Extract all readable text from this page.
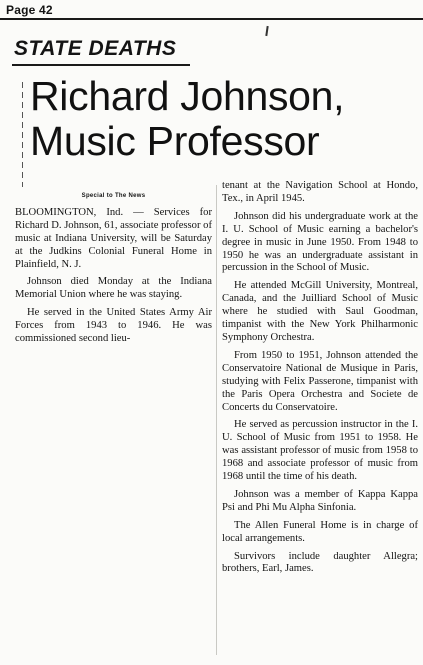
Page 42
STATE DEATHS
Richard Johnson,
Music Professor
Special to The News

BLOOMINGTON, Ind. — Services for Richard D. Johnson, 61, associate professor of music at Indiana University, will be Saturday at the Judkins Colonial Funeral Home in Plainfield, N. J.

Johnson died Monday at the Indiana Memorial Union where he was staying.

He served in the United States Army Air Forces from 1943 to 1946. He was commissioned second lieu-

tenant at the Navigation School at Hondo, Tex., in April 1945.

Johnson did his undergraduate work at the I. U. School of Music earning a bachelor's degree in music in June 1950. From 1948 to 1950 he was an undergraduate assistant in percussion in the School of Music.

He attended McGill University, Montreal, Canada, and the Juilliard School of Music where he studied with Saul Goodman, timpanist with the New York Philharmonic Symphony Orchestra.

From 1950 to 1951, Johnson attended the Conservatoire National de Musique in Paris, studying with Felix Passerone, timpanist with the Paris Opera Orchestra and Societe de Concerts du Conservatoire.

He served as percussion instructor in the I. U. School of Music from 1951 to 1958. He was assistant professor of music from 1958 to 1968 and associate professor of music from 1968 until the time of his death.

Johnson was a member of Kappa Kappa Psi and Phi Mu Alpha Sinfonia.

The Allen Funeral Home is in charge of local arrangements.

Survivors include daughter Allegra; brothers, Earl, James.
